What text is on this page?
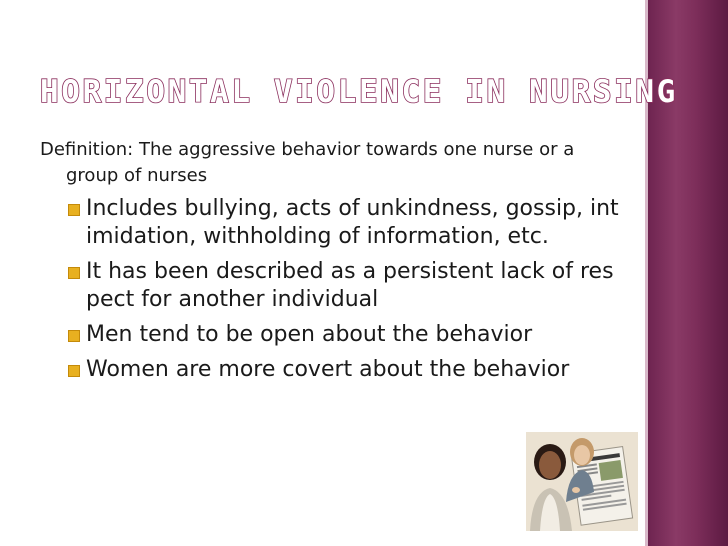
HORIZONTAL VIOLENCE IN NURSING

Definition: The aggressive behavior towards one nurse or a group of nurses

Includes bullying, acts of unkindness, gossip, intimidation, withholding of information, etc.
It has been described as a persistent lack of respect for another individual
Men tend to be open about the behavior
Women are more covert about the behavior
